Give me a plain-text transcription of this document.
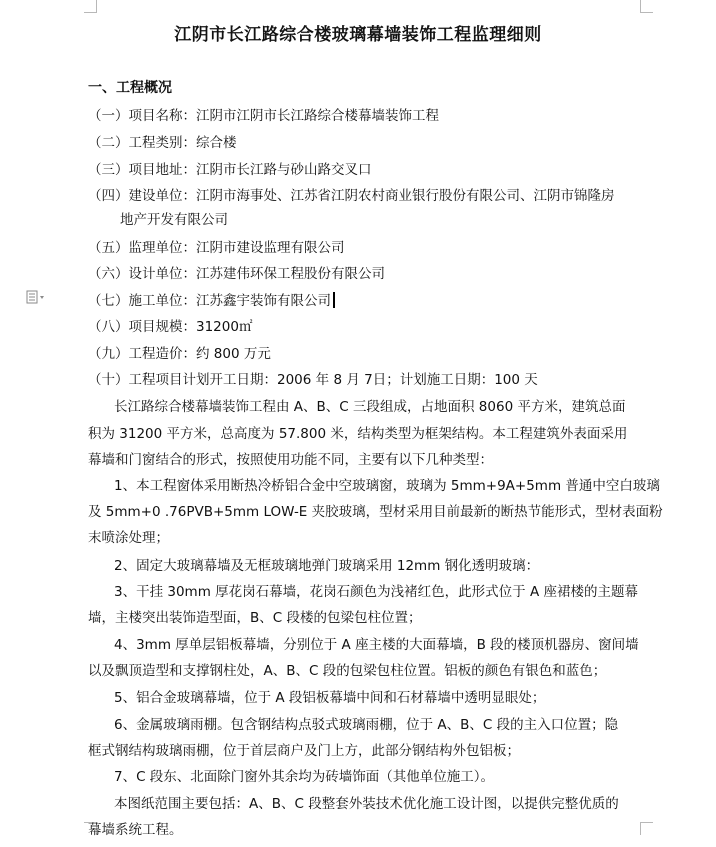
江阴市长江路综合楼玻璃幕墙装饰工程监理细则
一、工程概况
（一）项目名称：江阴市江阴市长江路综合楼幕墙装饰工程
（二）工程类别：综合楼
（三）项目地址：江阴市长江路与砂山路交叉口
（四）建设单位：江阴市海事处、江苏省江阴农村商业银行股份有限公司、江阴市锦隆房
地产开发有限公司
（五）监理单位：江阴市建设监理有限公司
（六）设计单位：江苏建伟环保工程股份有限公司
（七）施工单位：江苏鑫宇装饰有限公司
（八）项目规模：31200㎡
（九）工程造价：约 800 万元
（十）工程项目计划开工日期：2006 年 8 月 7日；计划施工日期：100 天
长江路综合楼幕墙装饰工程由 A、B、C 三段组成，占地面积 8060 平方米，建筑总面
积为 31200 平方米，总高度为 57.800 米，结构类型为框架结构。本工程建筑外表面采用
幕墙和门窗结合的形式，按照使用功能不同，主要有以下几种类型：
1、本工程窗体采用断热冷桥铝合金中空玻璃窗，玻璃为 5mm+9A+5mm 普通中空白玻璃
及 5mm+0 .76PVB+5mm LOW-E 夹胶玻璃，型材采用目前最新的断热节能形式，型材表面粉
末喷涂处理；
2、固定大玻璃幕墙及无框玻璃地弹门玻璃采用 12mm 钢化透明玻璃：
3、干挂 30mm 厚花岗石幕墙，花岗石颜色为浅褚红色，此形式位于 A 座裙楼的主题幕
墙，主楼突出装饰造型面，B、C 段楼的包梁包柱位置；
4、3mm 厚单层铝板幕墙，分别位于 A 座主楼的大面幕墙，B 段的楼顶机器房、窗间墙
以及飘顶造型和支撑钢柱处，A、B、C 段的包梁包柱位置。铝板的颜色有银色和蓝色；
5、铝合金玻璃幕墙，位于 A 段铝板幕墙中间和石材幕墙中透明显眼处；
6、金属玻璃雨棚。包含钢结构点驳式玻璃雨棚，位于 A、B、C 段的主入口位置；隐
框式钢结构玻璃雨棚，位于首层商户及门上方，此部分钢结构外包铝板；
7、C 段东、北面除门窗外其余均为砖墙饰面（其他单位施工）。
本图纸范围主要包括：A、B、C 段整套外装技术优化施工设计图，以提供完整优质的
幕墙系统工程。
